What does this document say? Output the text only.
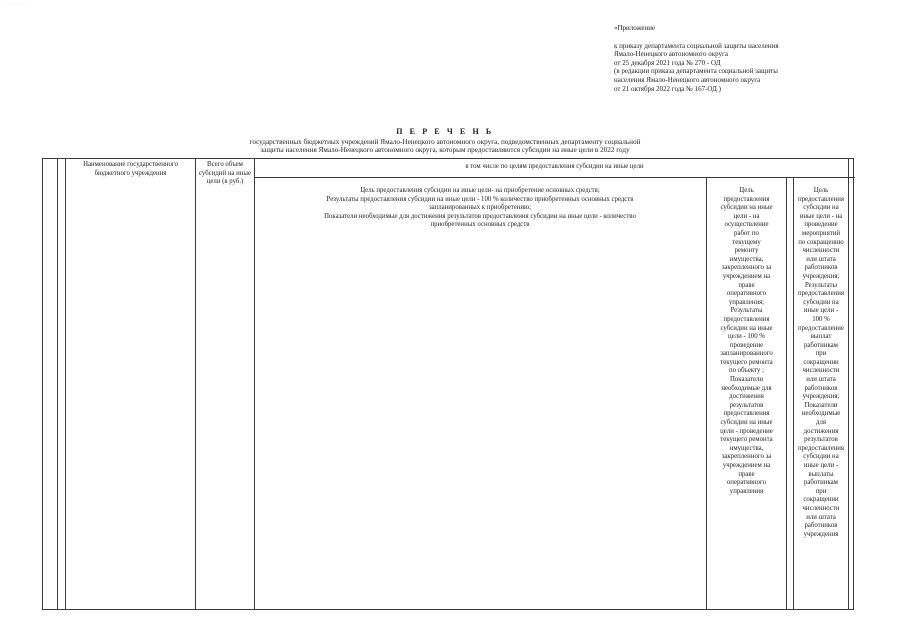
· · · · ·
«Приложение
к приказу департамента социальной защиты населения
Ямало-Ненецкого автономного округа
от 25 декабря 2021 года № 270 - ОД
(в редакции приказа департамента социальной защиты
населения Ямало-Ненецкого автономного округа
от 21 октября 2022 года № 167-ОД )
П Е Р Е Ч Е Н Ь
государственных бюджетных учреждений Ямало-Ненецкого автономного округа, подведомственных департаменту социальной
защиты населения Ямало-Ненецкого автономного округа, которым предоставляются субсидии на иные цели в 2022 году
Наименование государственного бюджетного учреждения
Всего объем субсидий на иные цели (в руб.)
в том числе по целям предоставления субсидии на иные цели
Цель предоставления субсидии на иные цели- на приобретение основных средств;
Результаты предоставления субсидии на иные цели - 100 % количество приобретенных основных средств
запланированных к приобретению;
Показатели необходимые для достижения результатов предоставления субсидии на иные цели - количество
приобретенных основных средств
Цель
предоставления
субсидии на иные
цели - на
осуществление
работ по
текущему
ремонту
имущества,
закрепленного за
учреждением на
праве
оперативного
управления;
Результаты
предоставления
субсидии на иные
цели - 100 %
проведение
запланированного
текущего ремонта
по объекту ;
Показатели
необходимые для
достижения
результатов
предоставления
субсидии на иные
цели - проведение
текущего ремонта
имущества,
закрепленного за
учреждением на
праве
оперативного
управления
Цель
предоставления
субсидии на
иные цели - на
проведение
мероприятий
по сокращению
численности
или штата
работников
учреждения;
Результаты
предоставления
субсидии на
иные цели -
100 %
предоставление
выплат
работникам
при
сокращении
численности
или штата
работников
учреждения;
Показатели
необходимые
для
достижения
результатов
предоставления
субсидии на
иные цели -
выплаты
работникам
при
сокращении
численности
или штата
работников
учреждения
